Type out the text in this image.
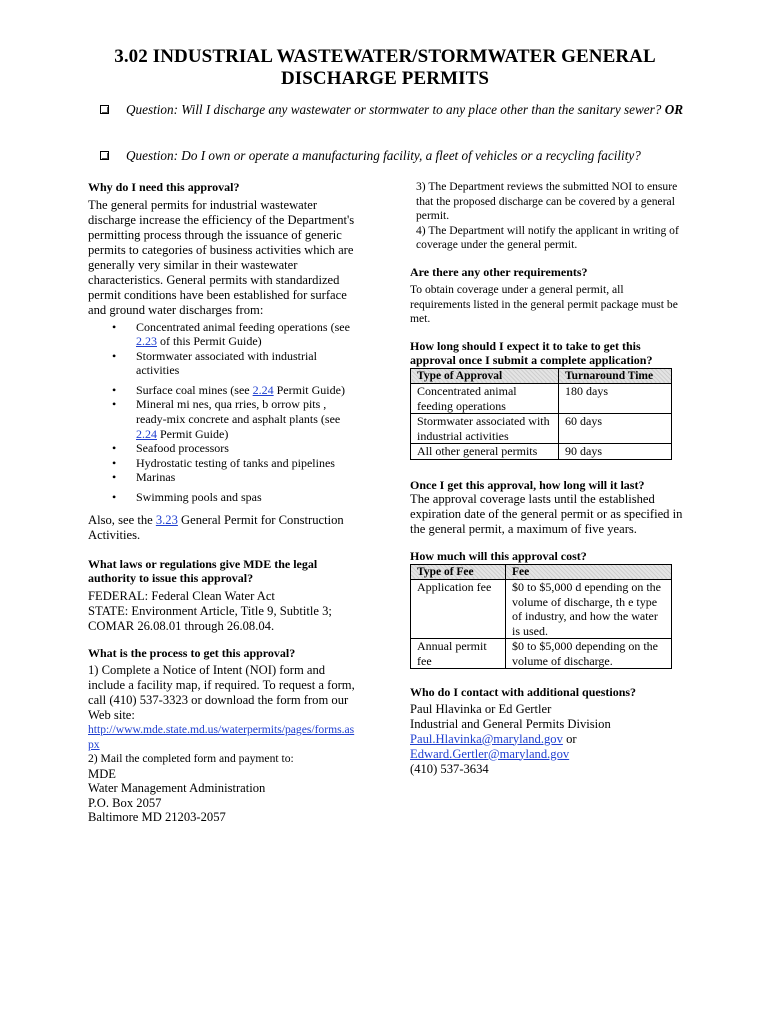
3.02 INDUSTRIAL WASTEWATER/STORMWATER GENERAL DISCHARGE PERMITS
Question: Will I discharge any wastewater or stormwater to any place other than the sanitary sewer? OR
Question: Do I own or operate a manufacturing facility, a fleet of vehicles or a recycling facility?

Why do I need this approval?

The general permits for industrial wastewater discharge increase the efficiency of the Department's permitting process through the issuance of generic permits to categories of business activities which are generally very similar in their wastewater characteristics. General permits with standardized permit conditions have been established for surface and ground water discharges from:

• Concentrated animal feeding operations (see 2.23 of this Permit Guide)
• Stormwater associated with industrial activities
• Surface coal mines (see 2.24 Permit Guide)
• Mineral mi nes, qua rries, b orrow pits , ready-mix concrete and asphalt plants (see 2.24 Permit Guide)
• Seafood processors
• Hydrostatic testing of tanks and pipelines
• Marinas
• Swimming pools and spas

Also, see the 3.23 General Permit for Construction Activities.

What laws or regulations give MDE the legal authority to issue this approval?

FEDERAL: Federal Clean Water Act

STATE: Environment Article, Title 9, Subtitle 3;

COMAR 26.08.01 through 26.08.04.

What is the process to get this approval?

1) Complete a Notice of Intent (NOI) form and include a facility map, if required. To request a form, call (410) 537-3323 or download the form from our Web site:

http://www.mde.state.md.us/waterpermits/pages/forms.aspx

2) Mail the completed form and payment to:

MDE

Water Management Administration

P.O. Box 2057

Baltimore MD 21203-2057

3) The Department reviews the submitted NOI to ensure that the proposed discharge can be covered by a general permit.

4) The Department will notify the applicant in writing of coverage under the general permit.

Are there any other requirements?

To obtain coverage under a general permit, all requirements listed in the general permit package must be met.

How long should I expect it to take to get this approval once I submit a complete application?

Type of Approval	Turnaround Time
Concentrated animal feeding operations	180 days
Stormwater associated with industrial activities	60 days
All other general permits	90 days

Once I get this approval, how long will it last?

The approval coverage lasts until the established expiration date of the general permit or as specified in the general permit, a maximum of five years.

How much will this approval cost?

Type of Fee	Fee
Application fee	$0 to $5,000 d epending on the volume of discharge, th e type of industry, and how the water is used.
Annual permit fee	$0 to $5,000 depending on the volume of discharge.

Who do I contact with additional questions?

Paul Hlavinka or Ed Gertler

Industrial and General Permits Division

Paul.Hlavinka@maryland.gov or

Edward.Gertler@maryland.gov

(410) 537-3634
